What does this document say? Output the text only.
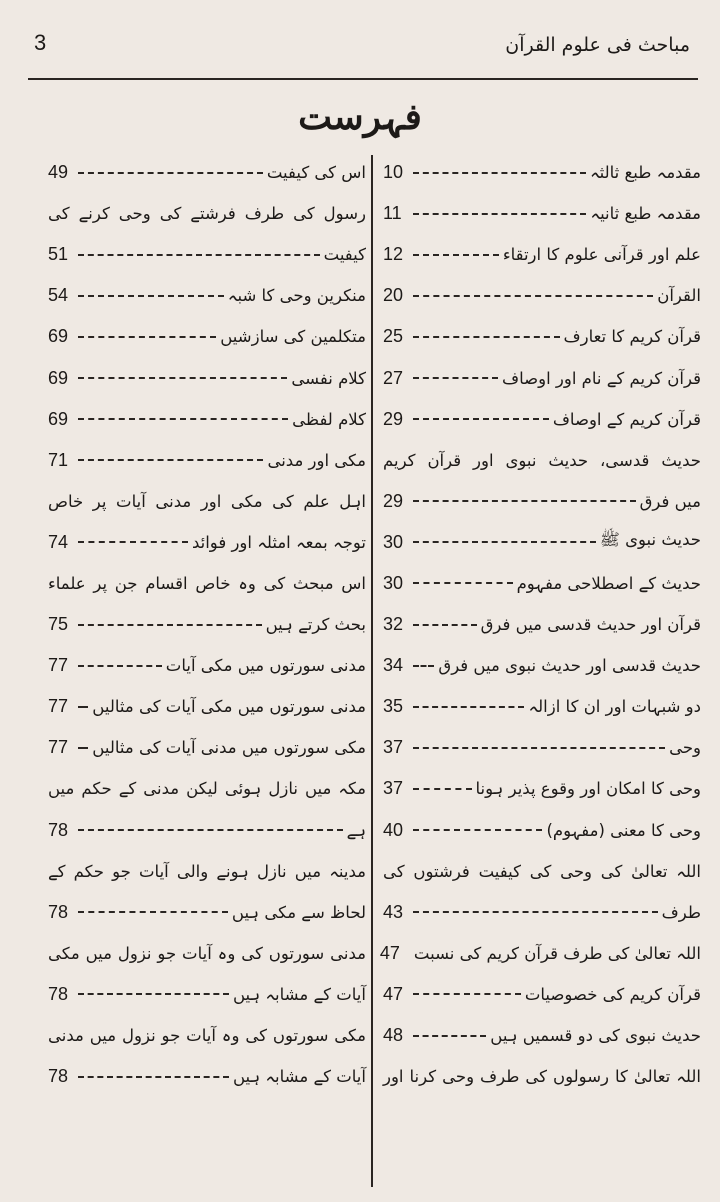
3	مباحث فی علوم القرآن
فہرست
مقدمہ طبع ثالثہ
10
مقدمہ طبع ثانیہ
11
علم اور قرآنی علوم کا ارتقاء
12
القرآن
20
قرآن کریم کا تعارف
25
قرآن کریم کے نام اور اوصاف
27
قرآن کریم کے اوصاف
29
حدیث قدسی، حدیث نبوی اور قرآن کریم
میں فرق
29
حدیث نبوی ﷺ
30
حدیث کے اصطلاحی مفہوم
30
قرآن اور حدیث قدسی میں فرق
32
حدیث قدسی اور حدیث نبوی میں فرق
34
دو شبہات اور ان کا ازالہ
35
وحی
37
وحی کا امکان اور وقوع پذیر ہونا
37
وحی کا معنی (مفہوم)
40
اللہ تعالیٰ کی وحی کی کیفیت فرشتوں کی
طرف
43
اللہ تعالیٰ کی طرف قرآن کریم کی نسبت
47
قرآن کریم کی خصوصیات
47
حدیث نبوی کی دو قسمیں ہیں
48
اللہ تعالیٰ کا رسولوں کی طرف وحی کرنا اور
اس کی کیفیت
49
رسول کی طرف فرشتے کی وحی کرنے کی
کیفیت
51
منکرین وحی کا شبہ
54
متکلمین کی سازشیں
69
کلام نفسی
69
کلام لفظی
69
مکی اور مدنی
71
اہل علم کی مکی اور مدنی آیات پر خاص
توجہ بمعہ امثلہ اور فوائد
74
اس مبحث کی وہ خاص اقسام جن پر علماء
بحث کرتے ہیں
75
مدنی سورتوں میں مکی آیات
77
مدنی سورتوں میں مکی آیات کی مثالیں
77
مکی سورتوں میں مدنی آیات کی مثالیں
77
مکہ میں نازل ہوئی لیکن مدنی کے حکم میں
ہے
78
مدینہ میں نازل ہونے والی آیات جو حکم کے
لحاظ سے مکی ہیں
78
مدنی سورتوں کی وہ آیات جو نزول میں مکی
آیات کے مشابہ ہیں
78
مکی سورتوں کی وہ آیات جو نزول میں مدنی
آیات کے مشابہ ہیں
78
